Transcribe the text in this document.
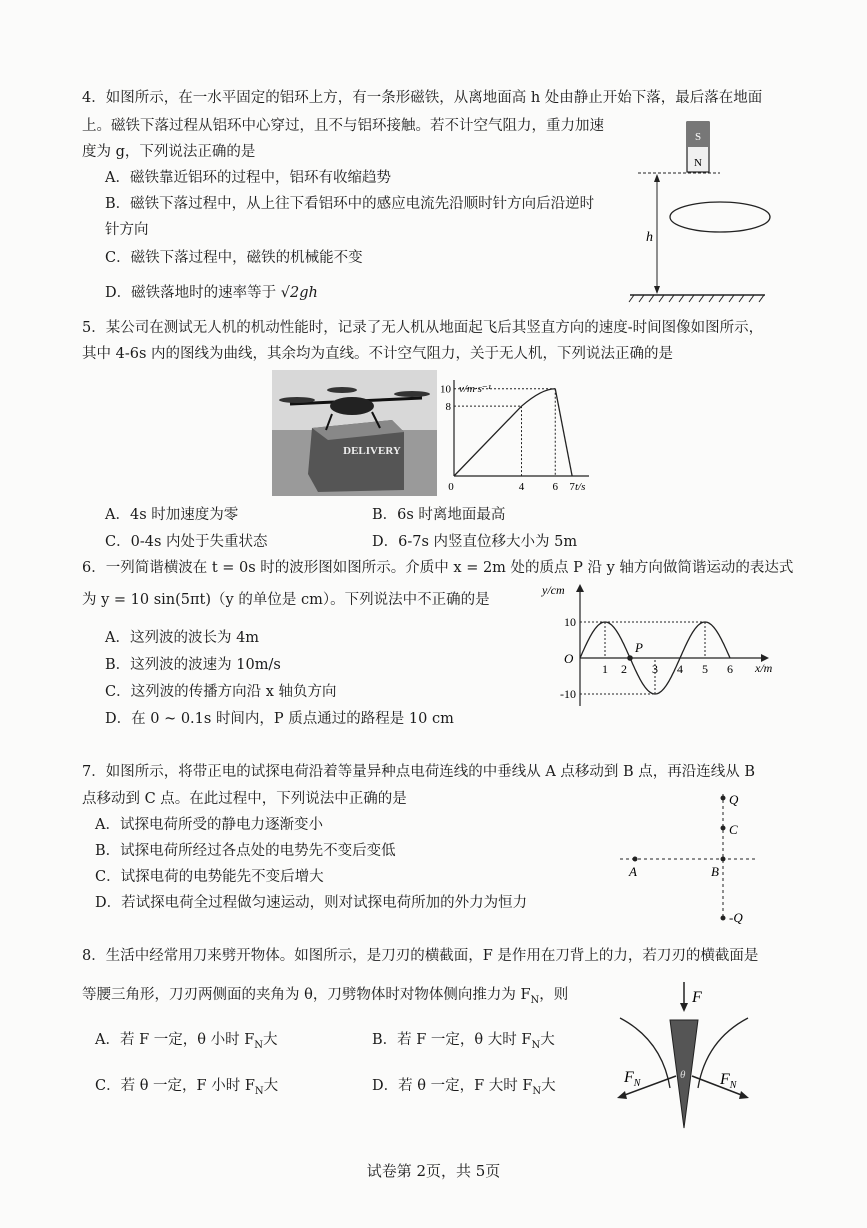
4．如图所示，在一水平固定的铝环上方，有一条形磁铁，从离地面高 h 处由静止开始下落，最后落在地面
上。磁铁下落过程从铝环中心穿过，且不与铝环接触。若不计空气阻力，重力加速
度为 g，下列说法正确的是
A．磁铁靠近铝环的过程中，铝环有收缩趋势
B．磁铁下落过程中，从上往下看铝环中的感应电流先沿顺时针方向后沿逆时
针方向
C．磁铁下落过程中，磁铁的机械能不变
D．磁铁落地时的速率等于 √2gh
S
N
h
5．某公司在测试无人机的机动性能时，记录了无人机从地面起飞后其竖直方向的速度-时间图像如图所示，
其中 4-6s 内的图线为曲线，其余均为直线。不计空气阻力，关于无人机，下列说法正确的是
DELIVERY
v/m·s⁻¹
t/s
8
10
0	4	6 7
A．4s 时加速度为零	B．6s 时离地面最高
C．0-4s 内处于失重状态	D．6-7s 内竖直位移大小为 5m
6．一列简谐横波在 t = 0s 时的波形图如图所示。介质中 x = 2m 处的质点 P 沿 y 轴方向做简谐运动的表达式
为 y = 10 sin(5πt)（y 的单位是 cm）。下列说法中不正确的是
A．这列波的波长为 4m
B．这列波的波速为 10m/s
C．这列波的传播方向沿 x 轴负方向
D．在 0 ~ 0.1s 时间内，P 质点通过的路程是 10 cm
y/cm
x/m
O
10
-10
1 2 3 4 5 6
P
7．如图所示，将带正电的试探电荷沿着等量异种点电荷连线的中垂线从 A 点移动到 B 点，再沿连线从 B
点移动到 C 点。在此过程中，下列说法中正确的是
A．试探电荷所受的静电力逐渐变小
B．试探电荷所经过各点处的电势先不变后变低
C．试探电荷的电势能先不变后增大
D．若试探电荷全过程做匀速运动，则对试探电荷所加的外力为恒力
Q
C
A	B
-Q
8．生活中经常用刀来劈开物体。如图所示，是刀刃的横截面，F 是作用在刀背上的力，若刀刃的横截面是
等腰三角形，刀刃两侧面的夹角为 θ，刀劈物体时对物体侧向推力为 $F_N$，则
A．若 F 一定，θ 小时 $F_N$大	B．若 F 一定，θ 大时 $F_N$大
C．若 θ 一定，F 小时 $F_N$大	D．若 θ 一定，F 大时 $F_N$大
F
θ
$F_N$	$F_N$
试卷第 2页，共 5页
